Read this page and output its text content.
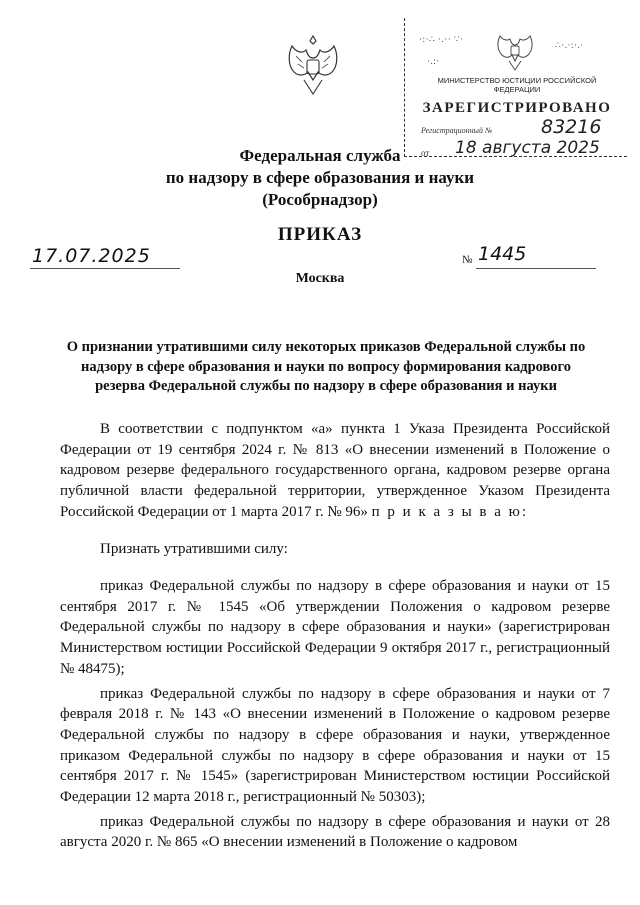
·:·∴ ·.·· ∵·
∴·.·:·.·
·.:·
МИНИСТЕРСТВО ЮСТИЦИИ РОССИЙСКОЙ ФЕДЕРАЦИИ
ЗАРЕГИСТРИРОВАНО
Регистрационный №	83216
от 18 августа 2025
Федеральная служба
по надзору в сфере образования и науки
(Рособрнадзор)
ПРИКАЗ
17.07.2025	№ 1445
Москва
О признании утратившими силу некоторых приказов Федеральной службы по надзору в сфере образования и науки по вопросу формирования кадрового резерва Федеральной службы по надзору в сфере образования и науки

В соответствии с подпунктом «а» пункта 1 Указа Президента Российской Федерации от 19 сентября 2024 г. № 813 «О внесении изменений в Положение о кадровом резерве федерального государственного органа, кадровом резерве органа публичной власти федеральной территории, утвержденное Указом Президента Российской Федерации от 1 марта 2017 г. № 96» п р и к а з ы в а ю:

Признать утратившими силу:

приказ Федеральной службы по надзору в сфере образования и науки от 15 сентября 2017 г. № 1545 «Об утверждении Положения о кадровом резерве Федеральной службы по надзору в сфере образования и науки» (зарегистрирован Министерством юстиции Российской Федерации 9 октября 2017 г., регистрационный № 48475);

приказ Федеральной службы по надзору в сфере образования и науки от 7 февраля 2018 г. № 143 «О внесении изменений в Положение о кадровом резерве Федеральной службы по надзору в сфере образования и науки, утвержденное приказом Федеральной службы по надзору в сфере образования и науки от 15 сентября 2017 г. № 1545» (зарегистрирован Министерством юстиции Российской Федерации 12 марта 2018 г., регистрационный № 50303);

приказ Федеральной службы по надзору в сфере образования и науки от 28 августа 2020 г. № 865 «О внесении изменений в Положение о кадровом
